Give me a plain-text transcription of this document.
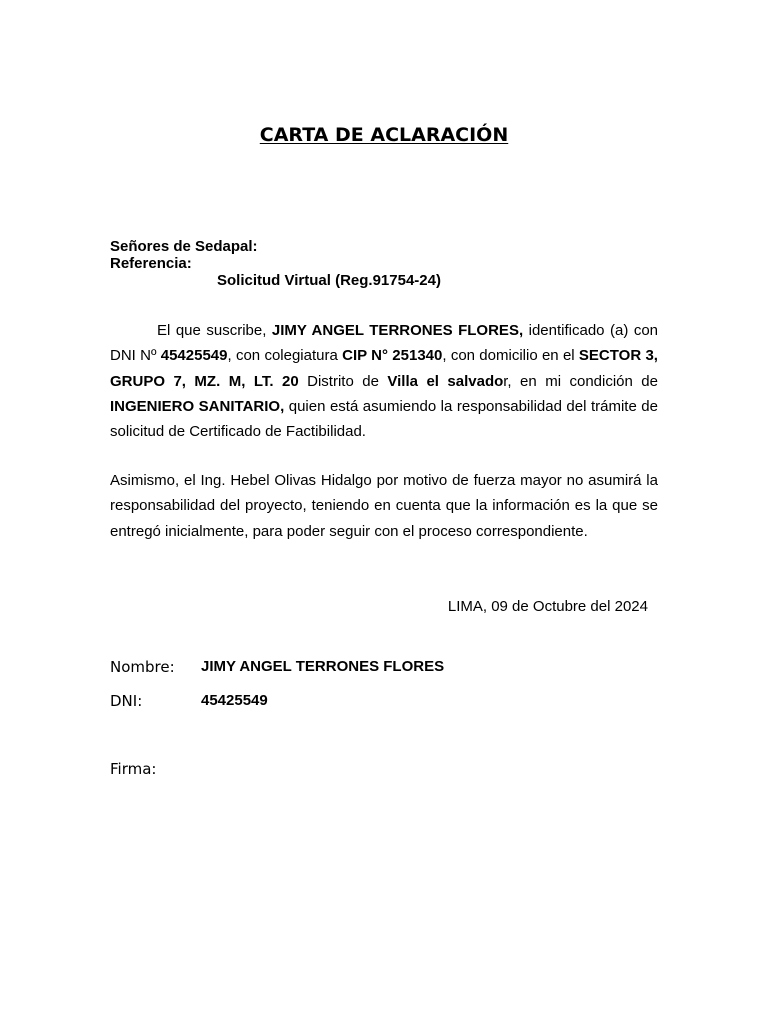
CARTA DE ACLARACIÓN
Señores de Sedapal:
Referencia:
Solicitud Virtual (Reg.91754-24)
El que suscribe, JIMY ANGEL TERRONES FLORES, identificado (a) con DNI Nº 45425549, con colegiatura CIP N° 251340, con domicilio en el SECTOR 3, GRUPO 7, MZ. M, LT. 20 Distrito de Villa el salvador, en mi condición de INGENIERO SANITARIO, quien está asumiendo la responsabilidad del trámite de solicitud de Certificado de Factibilidad.
Asimismo, el Ing. Hebel Olivas Hidalgo por motivo de fuerza mayor no asumirá la responsabilidad del proyecto, teniendo en cuenta que la información es la que se entregó inicialmente, para poder seguir con el proceso correspondiente.
LIMA, 09 de Octubre del 2024
Nombre: JIMY ANGEL TERRONES FLORES
DNI:	45425549
Firma:
